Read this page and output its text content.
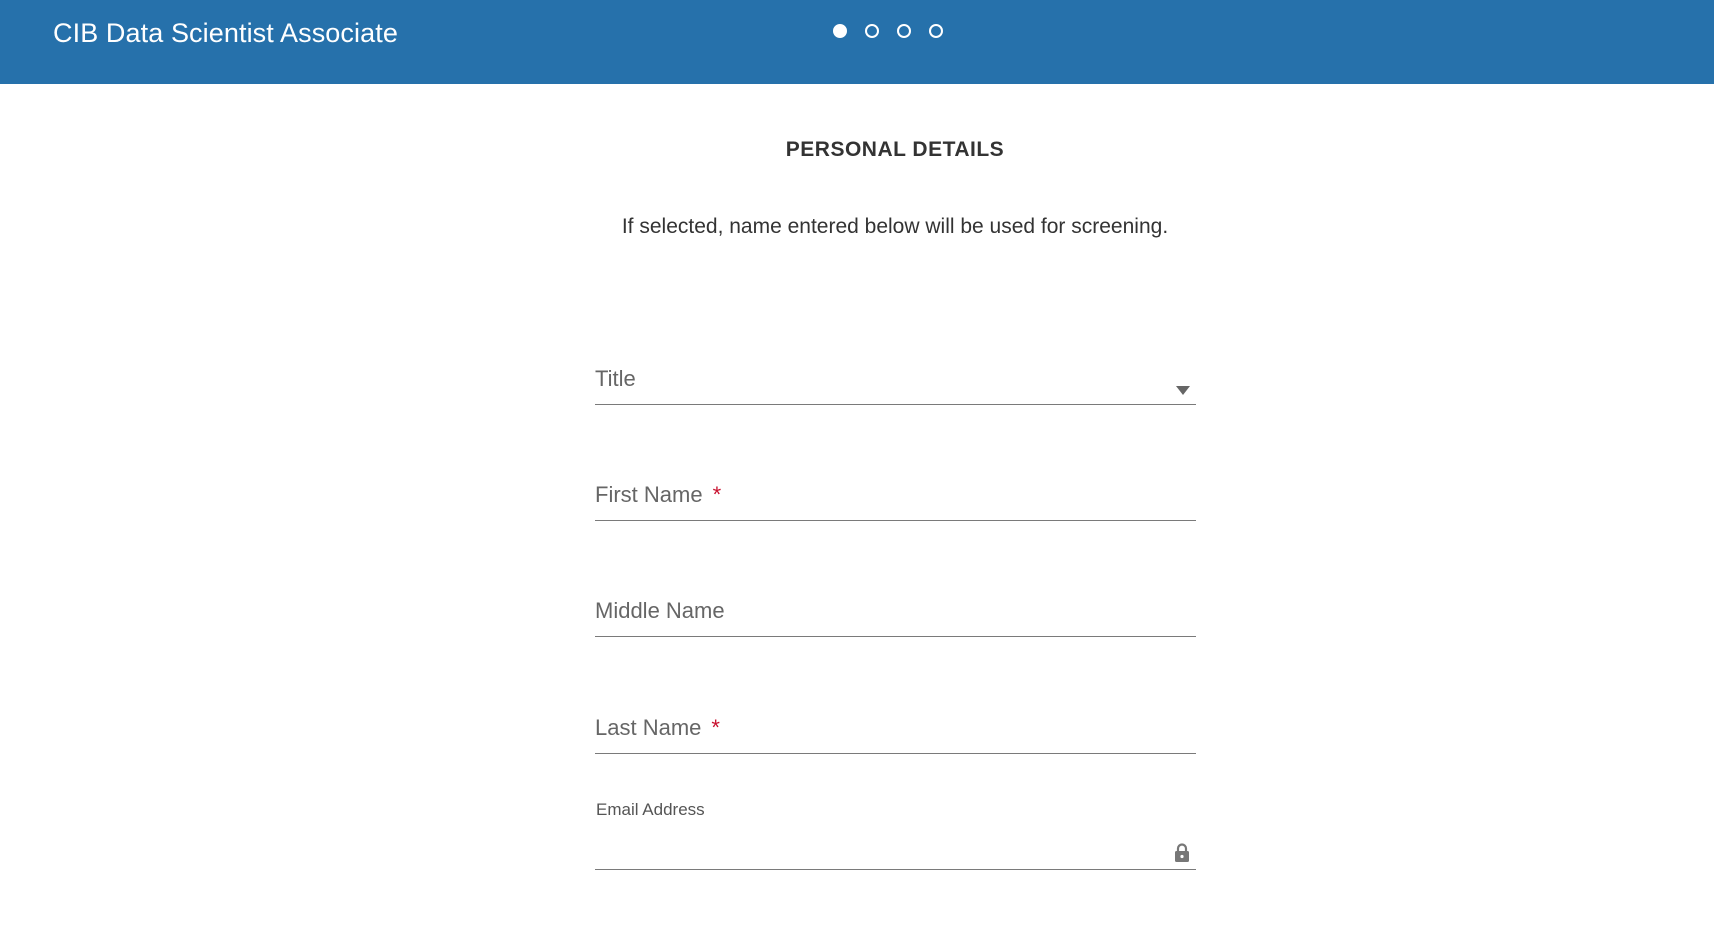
CIB Data Scientist Associate
PERSONAL DETAILS
If selected, name entered below will be used for screening.
Title
First Name *
Middle Name
Last Name *
Email Address
